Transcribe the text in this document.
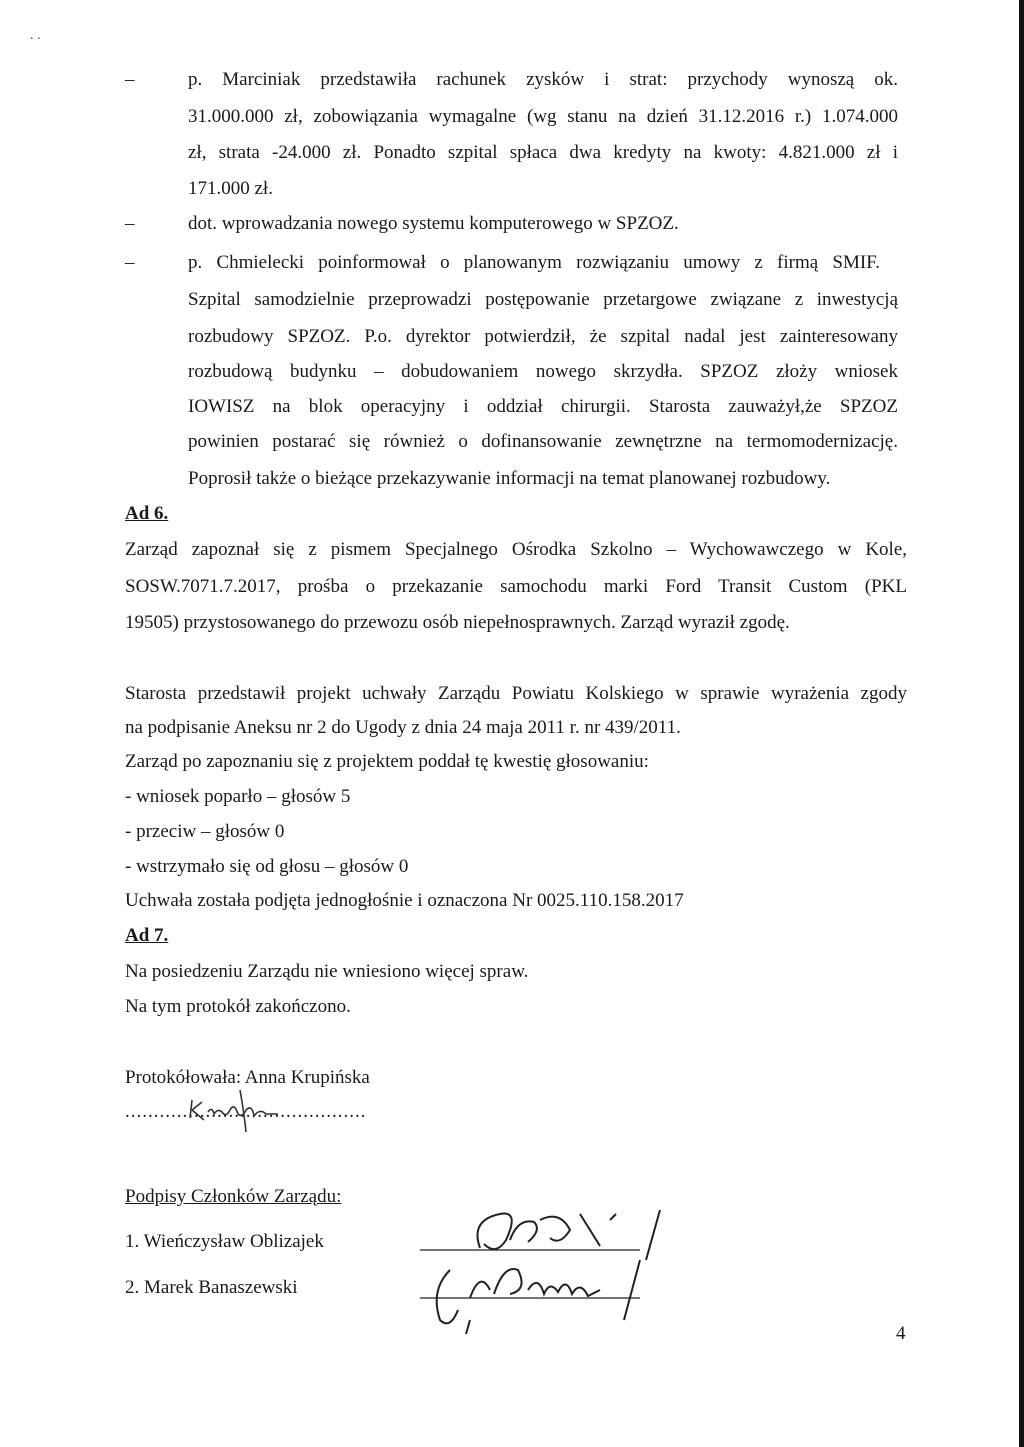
. .
–	p. Marciniak przedstawiła rachunek zysków i strat: przychody wynoszą ok.
31.000.000 zł, zobowiązania wymagalne (wg stanu na dzień 31.12.2016 r.) 1.074.000
zł, strata -24.000 zł. Ponadto szpital spłaca dwa kredyty na kwoty: 4.821.000 zł i
171.000 zł.
–	dot. wprowadzania nowego systemu komputerowego w SPZOZ.
–	p. Chmielecki poinformował o planowanym rozwiązaniu umowy z firmą SMIF.
Szpital samodzielnie przeprowadzi postępowanie przetargowe związane z inwestycją
rozbudowy SPZOZ. P.o. dyrektor potwierdził, że szpital nadal jest zainteresowany
rozbudową budynku – dobudowaniem nowego skrzydła. SPZOZ złoży wniosek
IOWISZ na blok operacyjny i oddział chirurgii. Starosta zauważył,że SPZOZ
powinien postarać się również o dofinansowanie zewnętrzne na termomodernizację.
Poprosił także o bieżące przekazywanie informacji na temat planowanej rozbudowy.
Ad 6.
Zarząd zapoznał się z pismem Specjalnego Ośrodka Szkolno – Wychowawczego w Kole,
SOSW.7071.7.2017, prośba o przekazanie samochodu marki Ford Transit Custom (PKL
19505) przystosowanego do przewozu osób niepełnosprawnych. Zarząd wyraził zgodę.
Starosta przedstawił projekt uchwały Zarządu Powiatu Kolskiego w sprawie wyrażenia zgody
na podpisanie Aneksu nr 2 do Ugody z dnia 24 maja 2011 r. nr 439/2011.
Zarząd po zapoznaniu się z projektem poddał tę kwestię głosowaniu:
- wniosek poparło – głosów 5
- przeciw – głosów 0
- wstrzymało się od głosu – głosów 0
Uchwała została podjęta jednogłośnie i oznaczona Nr 0025.110.158.2017
Ad 7.
Na posiedzeniu Zarządu nie wniesiono więcej spraw.
Na tym protokół zakończono.
Protokółowała: Anna Krupińska
..........................................
Podpisy Członków Zarządu:
1. Wieńczysław Oblizajek
2. Marek Banaszewski
4
